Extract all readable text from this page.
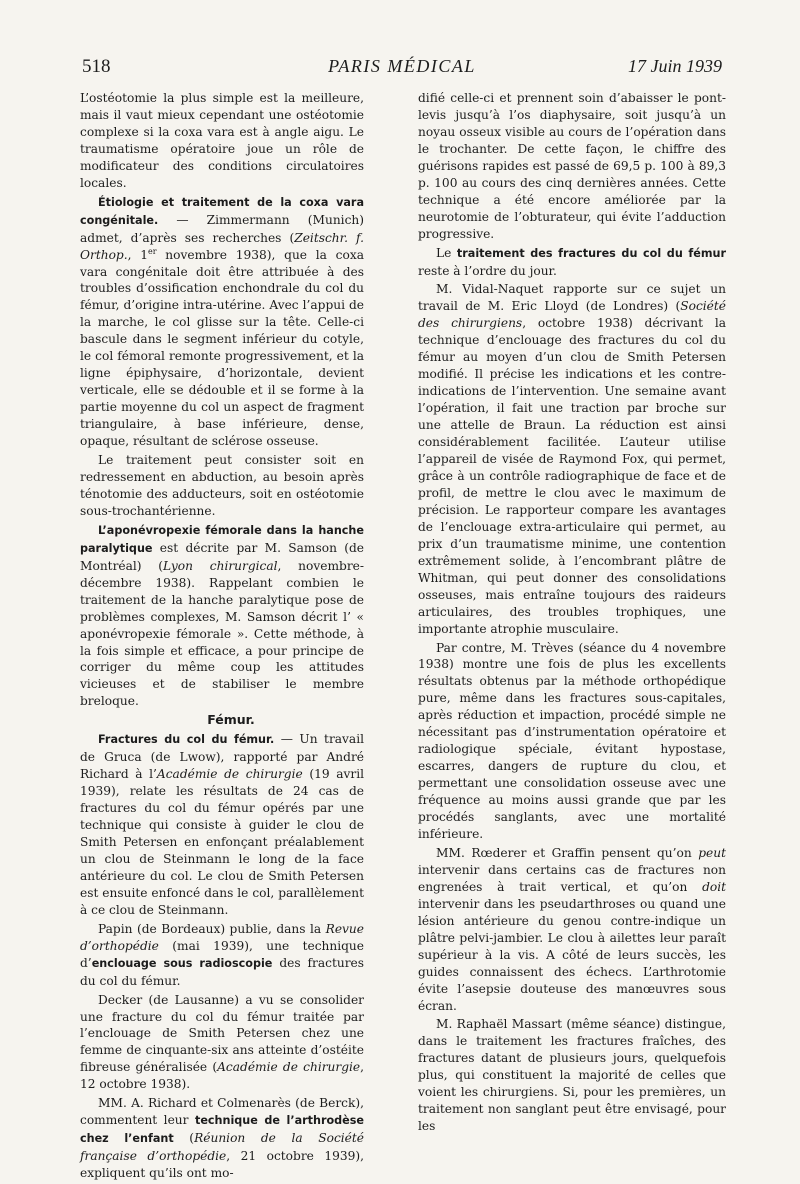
518	PARIS MÉDICAL	17 Juin 1939

L’ostéotomie la plus simple est la meilleure, mais il vaut mieux cependant une ostéotomie complexe si la coxa vara est à angle aigu. Le traumatisme opératoire joue un rôle de modificateur des conditions circulatoires locales.

Étiologie et traitement de la coxa vara congénitale. — Zimmermann (Munich) admet, d’après ses recherches (Zeitschr. f. Orthop., 1er novembre 1938), que la coxa vara congénitale doit être attribuée à des troubles d’ossification enchondrale du col du fémur, d’origine intra-utérine. Avec l’appui de la marche, le col glisse sur la tête. Celle-ci bascule dans le segment inférieur du cotyle, le col fémoral remonte progressivement, et la ligne épiphysaire, d’horizontale, devient verticale, elle se dédouble et il se forme à la partie moyenne du col un aspect de fragment triangulaire, à base inférieure, dense, opaque, résultant de sclérose osseuse.

Le traitement peut consister soit en redressement en abduction, au besoin après ténotomie des adducteurs, soit en ostéotomie sous-trochantérienne.

L’aponévropexie fémorale dans la hanche paralytique est décrite par M. Samson (de Montréal) (Lyon chirurgical, novembre-décembre 1938). Rappelant combien le traitement de la hanche paralytique pose de problèmes complexes, M. Samson décrit l’ « aponévropexie fémorale ». Cette méthode, à la fois simple et efficace, a pour principe de corriger du même coup les attitudes vicieuses et de stabiliser le membre breloque.

Fémur.

Fractures du col du fémur. — Un travail de Gruca (de Lwow), rapporté par André Richard à l’Académie de chirurgie (19 avril 1939), relate les résultats de 24 cas de fractures du col du fémur opérés par une technique qui consiste à guider le clou de Smith Petersen en enfonçant préalablement un clou de Steinmann le long de la face antérieure du col. Le clou de Smith Petersen est ensuite enfoncé dans le col, parallèlement à ce clou de Steinmann.

Papin (de Bordeaux) publie, dans la Revue d’orthopédie (mai 1939), une technique d’enclouage sous radioscopie des fractures du col du fémur.

Decker (de Lausanne) a vu se consolider une fracture du col du fémur traitée par l’enclouage de Smith Petersen chez une femme de cinquante-six ans atteinte d’ostéite fibreuse généralisée (Académie de chirurgie, 12 octobre 1938).

MM. A. Richard et Colmenarès (de Berck), commentent leur technique de l’arthrodèse chez l’enfant (Réunion de la Société française d’orthopédie, 21 octobre 1939), expliquent qu’ils ont mo-

difié celle-ci et prennent soin d’abaisser le pont-levis jusqu’à l’os diaphysaire, soit jusqu’à un noyau osseux visible au cours de l’opération dans le trochanter. De cette façon, le chiffre des guérisons rapides est passé de 69,5 p. 100 à 89,3 p. 100 au cours des cinq dernières années. Cette technique a été encore améliorée par la neurotomie de l’obturateur, qui évite l’adduction progressive.

Le traitement des fractures du col du fémur reste à l’ordre du jour.

M. Vidal-Naquet rapporte sur ce sujet un travail de M. Eric Lloyd (de Londres) (Société des chirurgiens, octobre 1938) décrivant la technique d’enclouage des fractures du col du fémur au moyen d’un clou de Smith Petersen modifié. Il précise les indications et les contre-indications de l’intervention. Une semaine avant l’opération, il fait une traction par broche sur une attelle de Braun. La réduction est ainsi considérablement facilitée. L’auteur utilise l’appareil de visée de Raymond Fox, qui permet, grâce à un contrôle radiographique de face et de profil, de mettre le clou avec le maximum de précision. Le rapporteur compare les avantages de l’enclouage extra-articulaire qui permet, au prix d’un traumatisme minime, une contention extrêmement solide, à l’encombrant plâtre de Whitman, qui peut donner des consolidations osseuses, mais entraîne toujours des raideurs articulaires, des troubles trophiques, une importante atrophie musculaire.

Par contre, M. Trèves (séance du 4 novembre 1938) montre une fois de plus les excellents résultats obtenus par la méthode orthopédique pure, même dans les fractures sous-capitales, après réduction et impaction, procédé simple ne nécessitant pas d’instrumentation opératoire et radiologique spéciale, évitant hypostase, escarres, dangers de rupture du clou, et permettant une consolidation osseuse avec une fréquence au moins aussi grande que par les procédés sanglants, avec une mortalité inférieure.

MM. Rœderer et Graffin pensent qu’on peut intervenir dans certains cas de fractures non engrenées à trait vertical, et qu’on doit intervenir dans les pseudarthroses ou quand une lésion antérieure du genou contre-indique un plâtre pelvi-jambier. Le clou à ailettes leur paraît supérieur à la vis. A côté de leurs succès, les guides connaissent des échecs. L’arthrotomie évite l’asepsie douteuse des manœuvres sous écran.

M. Raphaël Massart (même séance) distingue, dans le traitement les fractures fraîches, des fractures datant de plusieurs jours, quelquefois plus, qui constituent la majorité de celles que voient les chirurgiens. Si, pour les premières, un traitement non sanglant peut être envisagé, pour les
